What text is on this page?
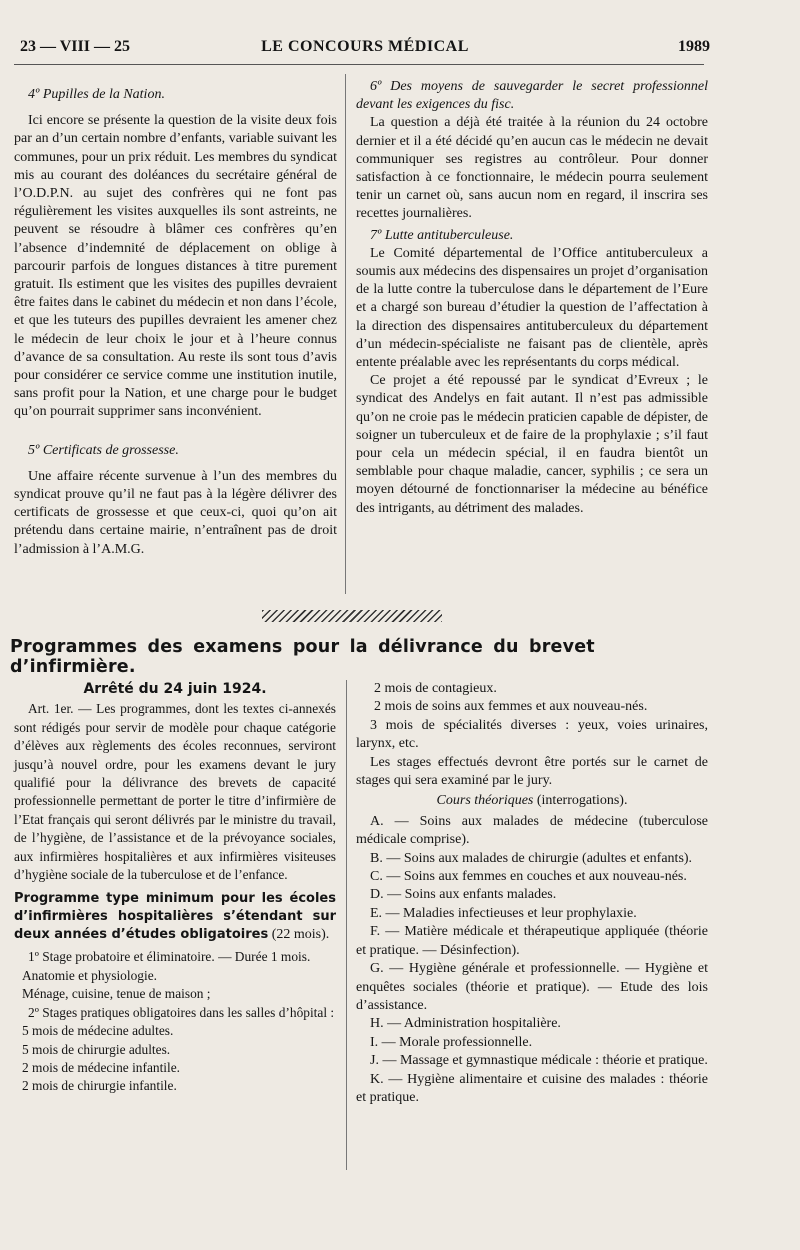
23 — VIII — 25	LE CONCOURS MÉDICAL	1989

4º Pupilles de la Nation.

Ici encore se présente la question de la visite deux fois par an d’un certain nombre d’enfants, variable suivant les communes, pour un prix réduit. Les membres du syndicat mis au courant des doléances du secrétaire général de l’O.D.P.N. au sujet des confrères qui ne font pas régulièrement les visites auxquelles ils sont astreints, ne peuvent se résoudre à blâmer ces confrères qu’en l’absence d’indemnité de déplacement on oblige à parcourir parfois de longues distances à titre purement gratuit. Ils estiment que les visites des pupilles devraient être faites dans le cabinet du médecin et non dans l’école, et que les tuteurs des pupilles devraient les amener chez le médecin de leur choix le jour et à l’heure connus d’avance de sa consultation. Au reste ils sont tous d’avis pour considérer ce service comme une institution inutile, sans profit pour la Nation, et une charge pour le budget qu’on pourrait supprimer sans inconvénient.

5º Certificats de grossesse.

Une affaire récente survenue à l’un des membres du syndicat prouve qu’il ne faut pas à la légère délivrer des certificats de grossesse et que ceux-ci, quoi qu’on ait prétendu dans certaine mairie, n’entraînent pas de droit l’admission à l’A.M.G.

6º Des moyens de sauvegarder le secret professionnel devant les exigences du fisc.

La question a déjà été traitée à la réunion du 24 octobre dernier et il a été décidé qu’en aucun cas le médecin ne devait communiquer ses registres au contrôleur. Pour donner satisfaction à ce fonctionnaire, le médecin pourra seulement tenir un carnet où, sans aucun nom en regard, il inscrira ses recettes journalières.

7º Lutte antituberculeuse.

Le Comité départemental de l’Office antituberculeux a soumis aux médecins des dispensaires un projet d’organisation de la lutte contre la tuberculose dans le département de l’Eure et a chargé son bureau d’étudier la question de l’affectation à la direction des dispensaires antituberculeux du département d’un médecin-spécialiste ne faisant pas de clientèle, après entente préalable avec les représentants du corps médical.

Ce projet a été repoussé par le syndicat d’Evreux ; le syndicat des Andelys en fait autant. Il n’est pas admissible qu’on ne croie pas le médecin praticien capable de dépister, de soigner un tuberculeux et de faire de la prophylaxie ; s’il faut pour cela un médecin spécial, il en faudra bientôt un semblable pour chaque maladie, cancer, syphilis ; ce sera un moyen détourné de fonctionnariser la médecine au bénéfice des intrigants, au détriment des malades.

Programmes des examens pour la délivrance du brevet d’infirmière.

Arrêté du 24 juin 1924.

Art. 1er. — Les programmes, dont les textes ci-annexés sont rédigés pour servir de modèle pour chaque catégorie d’élèves aux règlements des écoles reconnues, serviront jusqu’à nouvel ordre, pour les examens devant le jury qualifié pour la délivrance des brevets de capacité professionnelle permettant de porter le titre d’infirmière de l’Etat français qui seront délivrés par le ministre du travail, de l’hygiène, de l’assistance et de la prévoyance sociales, aux infirmières hospitalières et aux infirmières visiteuses d’hygiène sociale de la tuberculose et de l’enfance.

Programme type minimum pour les écoles d’infirmières hospitalières s’étendant sur deux années d’études obligatoires (22 mois).

1º Stage probatoire et éliminatoire. — Durée 1 mois.

Anatomie et physiologie.

Ménage, cuisine, tenue de maison ;

2º Stages pratiques obligatoires dans les salles d’hôpital :

5 mois de médecine adultes.

5 mois de chirurgie adultes.

2 mois de médecine infantile.

2 mois de chirurgie infantile.

2 mois de contagieux.

2 mois de soins aux femmes et aux nouveau-nés.

3 mois de spécialités diverses : yeux, voies urinaires, larynx, etc.

Les stages effectués devront être portés sur le carnet de stages qui sera examiné par le jury.

Cours théoriques (interrogations).

A. — Soins aux malades de médecine (tuberculose médicale comprise).

B. — Soins aux malades de chirurgie (adultes et enfants).

C. — Soins aux femmes en couches et aux nouveau-nés.

D. — Soins aux enfants malades.

E. — Maladies infectieuses et leur prophylaxie.

F. — Matière médicale et thérapeutique appliquée (théorie et pratique. — Désinfection).

G. — Hygiène générale et professionnelle. — Hygiène et enquêtes sociales (théorie et pratique). — Etude des lois d’assistance.

H. — Administration hospitalière.

I. — Morale professionnelle.

J. — Massage et gymnastique médicale : théorie et pratique.

K. — Hygiène alimentaire et cuisine des malades : théorie et pratique.
